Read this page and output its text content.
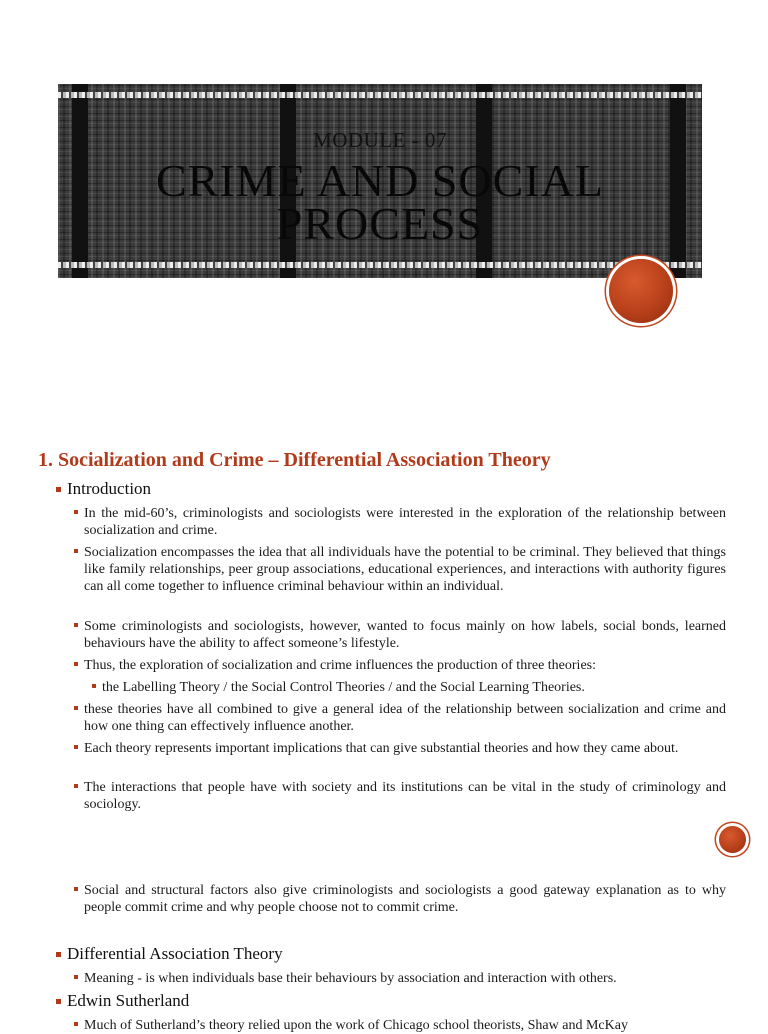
MODULE - 07
CRIME AND SOCIAL
PROCESS
1. Socialization and Crime – Differential Association Theory
Introduction
In the mid-60’s, criminologists and sociologists were interested in the exploration of the relationship between socialization and crime.
Socialization encompasses the idea that all individuals have the potential to be criminal. They believed that things like family relationships, peer group associations, educational experiences, and interactions with authority figures can all come together to influence criminal behaviour within an individual.
Some criminologists and sociologists, however, wanted to focus mainly on how labels, social bonds, learned behaviours have the ability to affect someone’s lifestyle.
Thus, the exploration of socialization and crime influences the production of three theories:
the Labelling Theory / the Social Control Theories / and the Social Learning Theories.
these theories have all combined to give a general idea of the relationship between socialization and crime and how one thing can effectively influence another.
Each theory represents important implications that can give substantial theories and how they came about.
The interactions that people have with society and its institutions can be vital in the study of criminology and sociology.
Social and structural factors also give criminologists and sociologists a good gateway explanation as to why people commit crime and why people choose not to commit crime.
Differential Association Theory
Meaning - is when individuals base their behaviours by association and interaction with others.
Edwin Sutherland
Much of Sutherland’s theory relied upon the work of Chicago school theorists, Shaw and McKay
